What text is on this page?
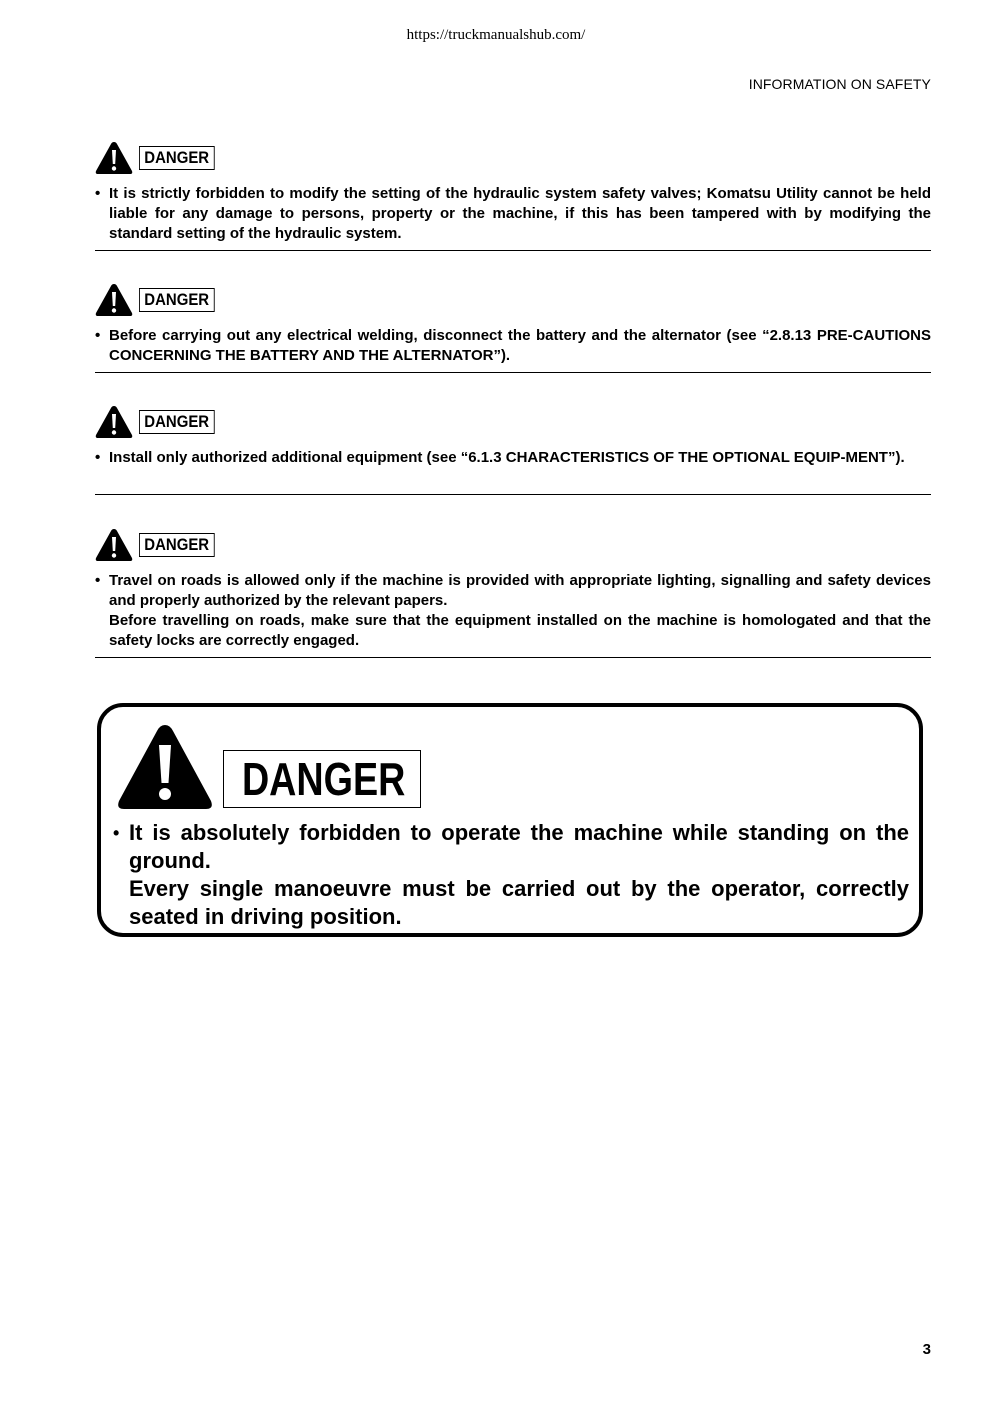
https://truckmanualshub.com/
INFORMATION ON SAFETY
DANGER

• It is strictly forbidden to modify the setting of the hydraulic system safety valves; Komatsu Utility cannot be held liable for any damage to persons, property or the machine, if this has been tampered with by modifying the standard setting of the hydraulic system.

DANGER

• Before carrying out any electrical welding, disconnect the battery and the alternator (see “2.8.13 PRE-CAUTIONS CONCERNING THE BATTERY AND THE ALTERNATOR”).

DANGER

• Install only authorized additional equipment (see “6.1.3 CHARACTERISTICS OF THE OPTIONAL EQUIP-MENT”).

DANGER

• Travel on roads is allowed only if the machine is provided with appropriate lighting, signalling and safety devices and properly authorized by the relevant papers.

Before travelling on roads, make sure that the equipment installed on the machine is homologated and that the safety locks are correctly engaged.

DANGER

• It is absolutely forbidden to operate the machine while standing on the ground.

Every single manoeuvre must be carried out by the operator, correctly seated in driving position.

3
